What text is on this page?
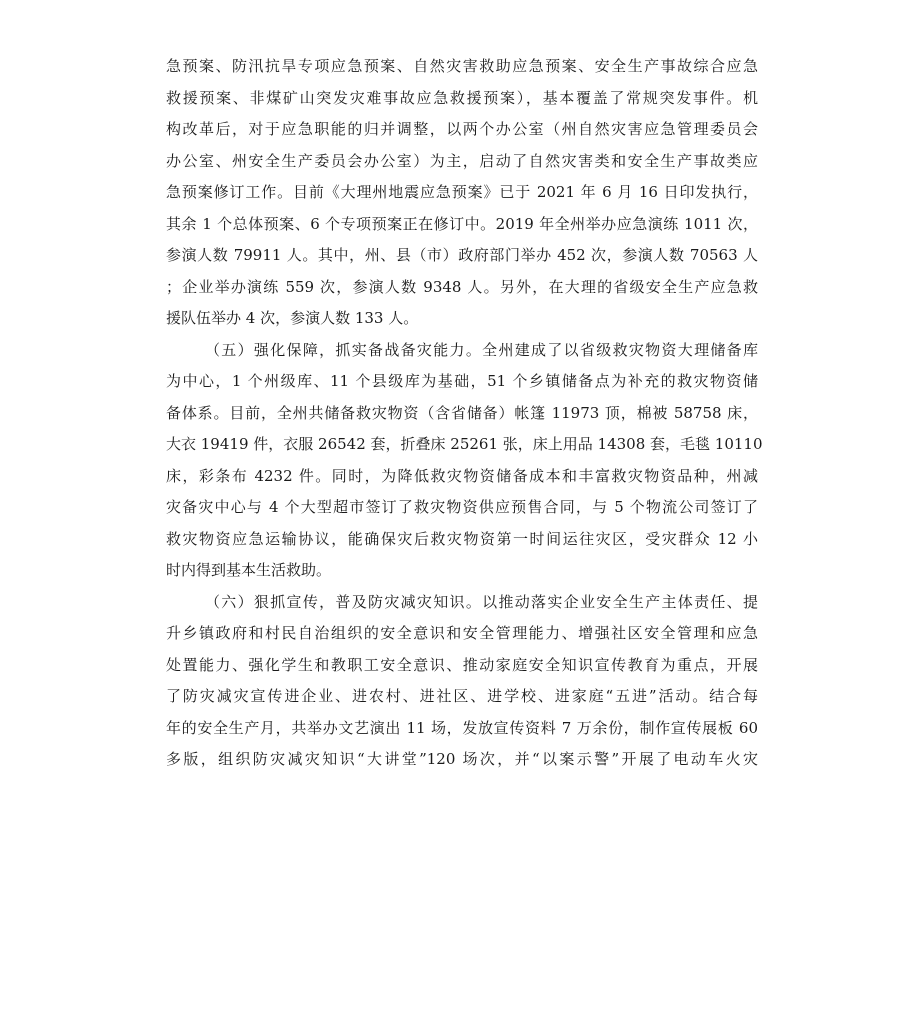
急预案、防汛抗旱专项应急预案、自然灾害救助应急预案、安全生产事故综合应急
救援预案、非煤矿山突发灾难事故应急救援预案），基本覆盖了常规突发事件。机
构改革后，对于应急职能的归并调整，以两个办公室（州自然灾害应急管理委员会
办公室、州安全生产委员会办公室）为主，启动了自然灾害类和安全生产事故类应
急预案修订工作。目前《大理州地震应急预案》已于 2021 年 6 月 16 日印发执行，
其余 1 个总体预案、6 个专项预案正在修订中。2019 年全州举办应急演练 1011 次，
参演人数 79911 人。其中，州、县（市）政府部门举办 452 次，参演人数 70563 人
；企业举办演练 559 次，参演人数 9348 人。另外，在大理的省级安全生产应急救
援队伍举办 4 次，参演人数 133 人。
（五）强化保障，抓实备战备灾能力。全州建成了以省级救灾物资大理储备库
为中心，1 个州级库、11 个县级库为基础，51 个乡镇储备点为补充的救灾物资储
备体系。目前，全州共储备救灾物资（含省储备）帐篷 11973 顶，棉被 58758 床，
大衣 19419 件，衣服 26542 套，折叠床 25261 张，床上用品 14308 套，毛毯 10110
床，彩条布 4232 件。同时，为降低救灾物资储备成本和丰富救灾物资品种，州减
灾备灾中心与 4 个大型超市签订了救灾物资供应预售合同，与 5 个物流公司签订了
救灾物资应急运输协议，能确保灾后救灾物资第一时间运往灾区，受灾群众 12 小
时内得到基本生活救助。
（六）狠抓宣传，普及防灾减灾知识。以推动落实企业安全生产主体责任、提
升乡镇政府和村民自治组织的安全意识和安全管理能力、增强社区安全管理和应急
处置能力、强化学生和教职工安全意识、推动家庭安全知识宣传教育为重点，开展
了防灾减灾宣传进企业、进农村、进社区、进学校、进家庭“五进”活动。结合每
年的安全生产月，共举办文艺演出 11 场，发放宣传资料 7 万余份，制作宣传展板 60
多版，组织防灾减灾知识“大讲堂”120 场次，并“以案示警”开展了电动车火灾
